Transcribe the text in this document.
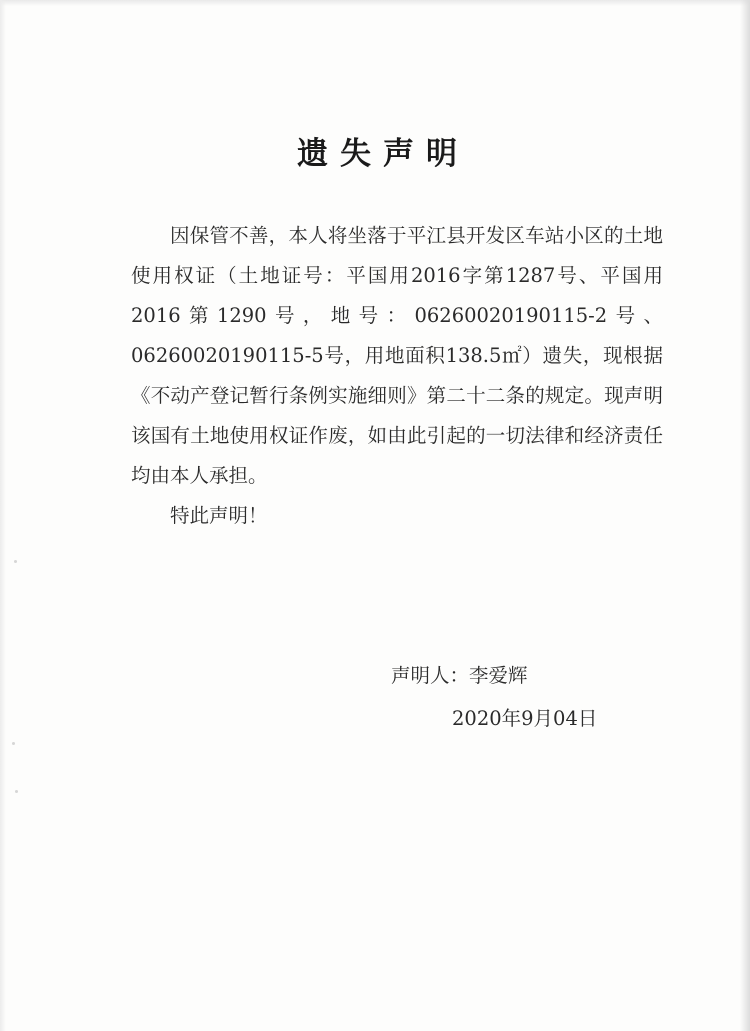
遗失声明

因保管不善，本人将坐落于平江县开发区车站小区的土地使用权证（土地证号：平国用2016字第1287号、平国用2016第1290号，地号：06260020190115-2号、06260020190115-5号，用地面积138.5㎡）遗失，现根据《不动产登记暂行条例实施细则》第二十二条的规定。现声明该国有土地使用权证作废，如由此引起的一切法律和经济责任均由本人承担。

特此声明！

声明人：李爱辉
2020年9月04日
